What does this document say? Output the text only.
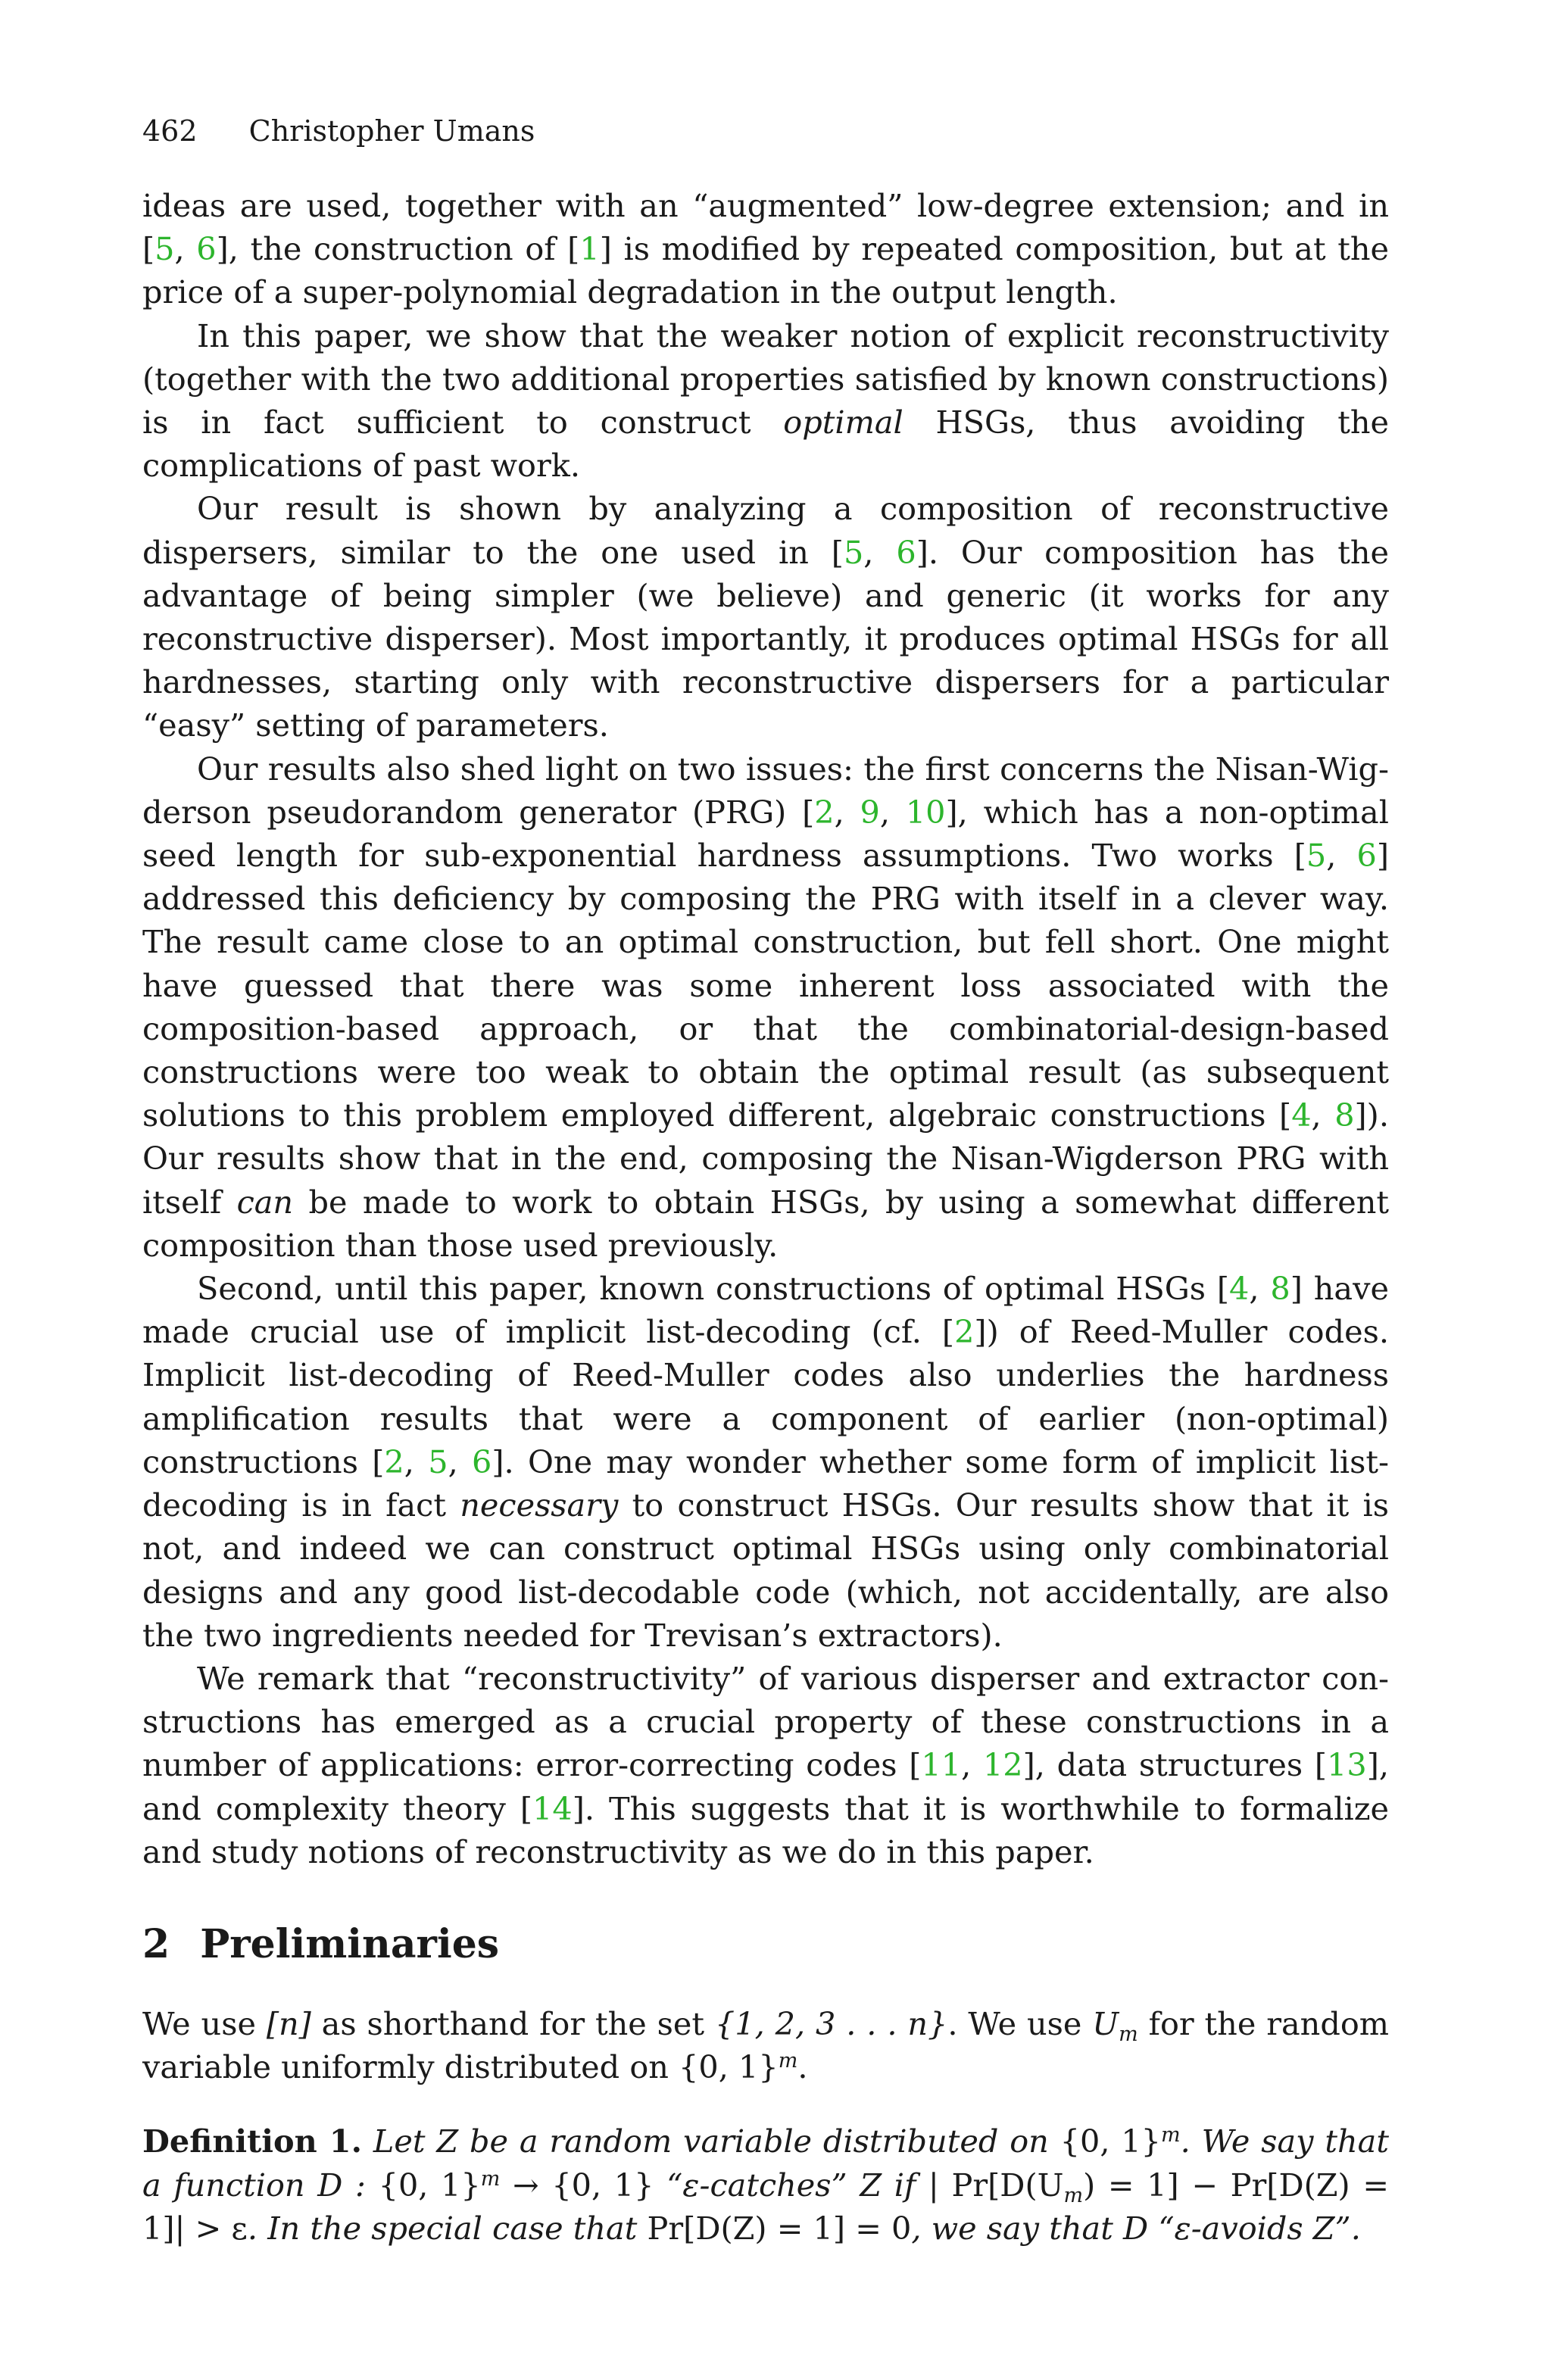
462 Christopher Umans

ideas are used, together with an “augmented” low-degree extension; and in [5, 6], the construction of [1] is modified by repeated composition, but at the price of a super-polynomial degradation in the output length.

In this paper, we show that the weaker notion of explicit reconstructivity (together with the two additional properties satisfied by known constructions) is in fact sufficient to construct optimal HSGs, thus avoiding the complications of past work.

Our result is shown by analyzing a composition of reconstructive dispersers, similar to the one used in [5, 6]. Our composition has the advantage of being simpler (we believe) and generic (it works for any reconstructive disperser). Most importantly, it produces optimal HSGs for all hardnesses, starting only with reconstructive dispersers for a particular “easy” setting of parameters.

Our results also shed light on two issues: the first concerns the Nisan-Wigderson pseudorandom generator (PRG) [2, 9, 10], which has a non-optimal seed length for sub-exponential hardness assumptions. Two works [5, 6] addressed this deficiency by composing the PRG with itself in a clever way. The result came close to an optimal construction, but fell short. One might have guessed that there was some inherent loss associated with the composition-based approach, or that the combinatorial-design-based constructions were too weak to obtain the optimal result (as subsequent solutions to this problem employed different, algebraic constructions [4, 8]). Our results show that in the end, composing the Nisan-Wigderson PRG with itself can be made to work to obtain HSGs, by using a somewhat different composition than those used previously.

Second, until this paper, known constructions of optimal HSGs [4, 8] have made crucial use of implicit list-decoding (cf. [2]) of Reed-Muller codes. Implicit list-decoding of Reed-Muller codes also underlies the hardness amplification results that were a component of earlier (non-optimal) constructions [2, 5, 6]. One may wonder whether some form of implicit list-decoding is in fact necessary to construct HSGs. Our results show that it is not, and indeed we can construct optimal HSGs using only combinatorial designs and any good list-decodable code (which, not accidentally, are also the two ingredients needed for Trevisan’s extractors).

We remark that “reconstructivity” of various disperser and extractor constructions has emerged as a crucial property of these constructions in a number of applications: error-correcting codes [11, 12], data structures [13], and complexity theory [14]. This suggests that it is worthwhile to formalize and study notions of reconstructivity as we do in this paper.

2 Preliminaries

We use [n] as shorthand for the set {1, 2, 3 . . . n}. We use $U_m$ for the random variable uniformly distributed on {0, 1}$^m$.

Definition 1. Let Z be a random variable distributed on {0, 1}$^m$. We say that a function D : {0, 1}$^m$ → {0, 1} “ε-catches” Z if | $Pr[D(U_m) = 1] - Pr[D(Z) = 1]| > \varepsilon$. In the special case that Pr[D(Z) = 1] = 0, we say that D “ε-avoids Z”.
